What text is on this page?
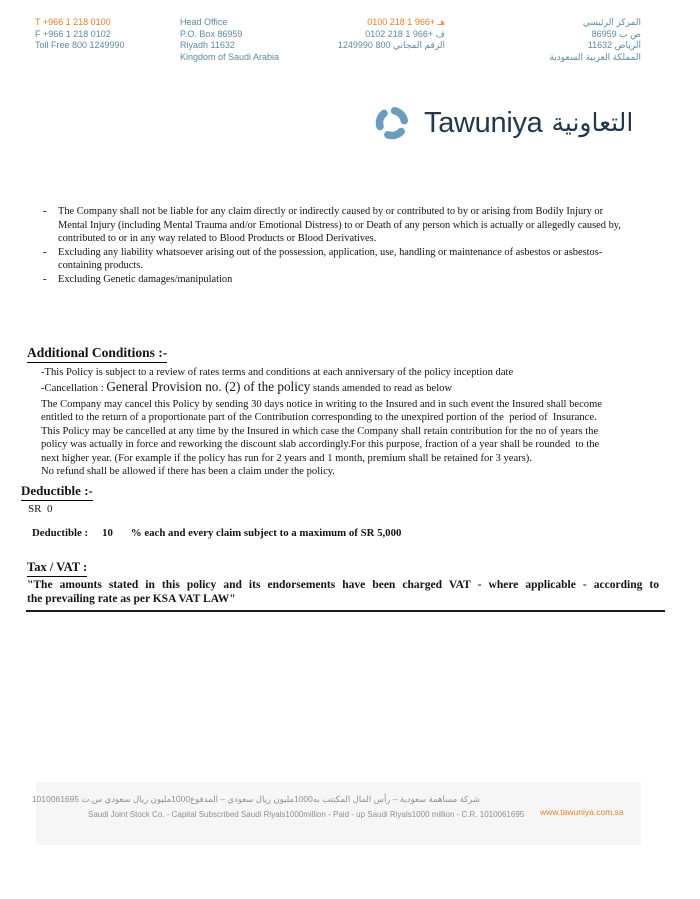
T +966 1 218 0100
F +966 1 218 0102
Toll Free 800 1249990
Head Office
P.O. Box 86959
Riyadh 11632
Kingdom of Saudi Arabia
هـ +966 1 218 0100
ف +966 1 218 0102
الرقم المجاني 800 1249990
المركز الرئيسي
ص ب 86959
الرياض 11632
المملكة العربية السعودية
Tawuniya التعاونية
-	The Company shall not be liable for any claim directly or indirectly caused by or contributed to by or arising from Bodily Injury or
Mental Injury (including Mental Trauma and/or Emotional Distress) to or Death of any person which is actually or allegedly caused by,
contributed to or in any way related to Blood Products or Blood Derivatives.
-	Excluding any liability whatsoever arising out of the possession, application, use, handling or maintenance of asbestos or asbestos-
containing products.
-	Excluding Genetic damages/manipulation
Additional Conditions :-
-This Policy is subject to a review of rates terms and conditions at each anniversary of the policy inception date
-Cancellation : General Provision no. (2) of the policy stands amended to read as below
The Company may cancel this Policy by sending 30 days notice in writing to the Insured and in such event the Insured shall become
entitled to the return of a proportionate part of the Contribution corresponding to the unexpired portion of the  period of  Insurance.
This Policy may be cancelled at any time by the Insured in which case the Company shall retain contribution for the no of years the
policy was actually in force and reworking the discount slab accordingly.For this purpose, fraction of a year shall be rounded  to the
next higher year. (For example if the policy has run for 2 years and 1 month, premium shall be retained for 3 years).
No refund shall be allowed if there has been a claim under the policy.
Deductible :-
SR  0
Deductible : 10 % each and every claim subject to a maximum of SR 5,000
Tax / VAT :
"The amounts stated in this policy and its endorsements have been charged VAT - where applicable - according to
the prevailing rate as per KSA VAT LAW"
شركة مساهمة سعودية – رأس المال المكتتب به1000مليون ريال سعودي – المدفوع1000مليون ريال سعودي س.ت 1010061695
Saudi Joint Stock Co. - Capital Subscribed Saudi Riyals1000million - Paid - up Saudi Riyals1000 million - C.R. 1010061695 www.tawuniya.com.sa
